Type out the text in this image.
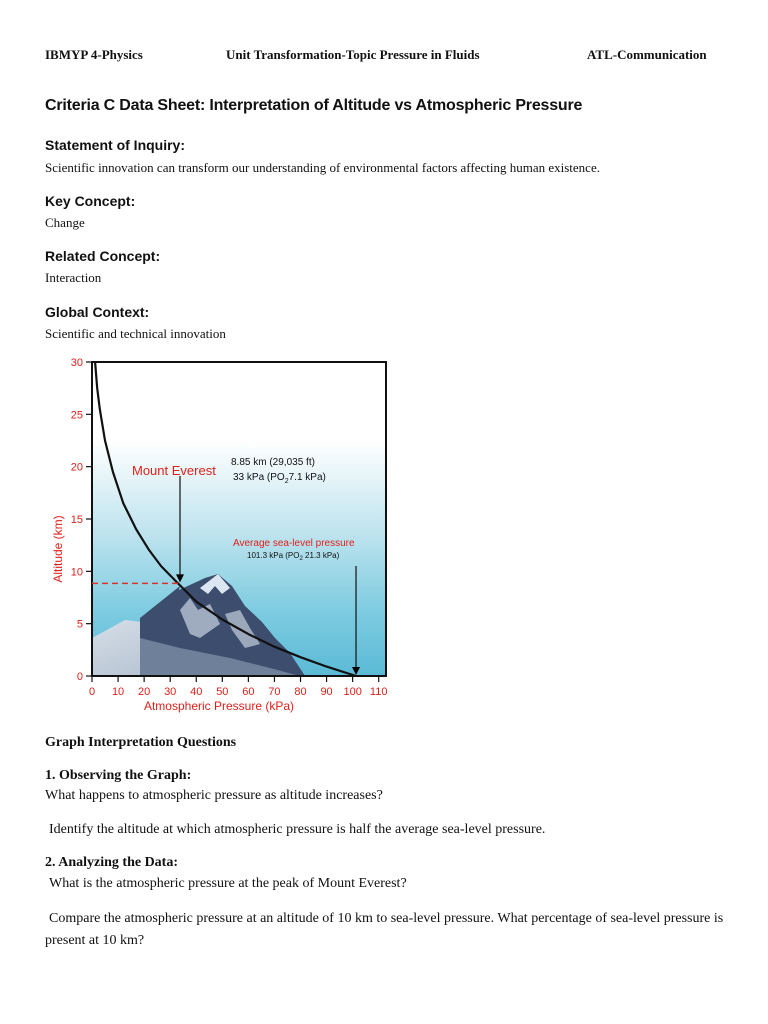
IBMYP 4-Physics	Unit Transformation-Topic Pressure in Fluids	ATL-Communication
Criteria C Data Sheet: Interpretation of Altitude vs Atmospheric Pressure
Statement of Inquiry:
Scientific innovation can transform our understanding of environmental factors affecting human existence.
Key Concept:
Change
Related Concept:
Interaction
Global Context:
Scientific and technical innovation
0
5
10
15
20
25
30
0 10 20 30 40 50 60 70 80 90 100 110
Atmospheric Pressure (kPa)
Altitude (km)
Mount Everest
8.85 km (29,035 ft)
33 kPa ($PO_27.1$ kPa)
Average sea-level pressure
101.3 kPa ($PO_2$ 21.3 kPa)
Graph Interpretation Questions
1. Observing the Graph:
What happens to atmospheric pressure as altitude increases?
Identify the altitude at which atmospheric pressure is half the average sea-level pressure.
2. Analyzing the Data:
What is the atmospheric pressure at the peak of Mount Everest?
Compare the atmospheric pressure at an altitude of 10 km to sea-level pressure. What percentage of sea-level pressure is present at 10 km?
